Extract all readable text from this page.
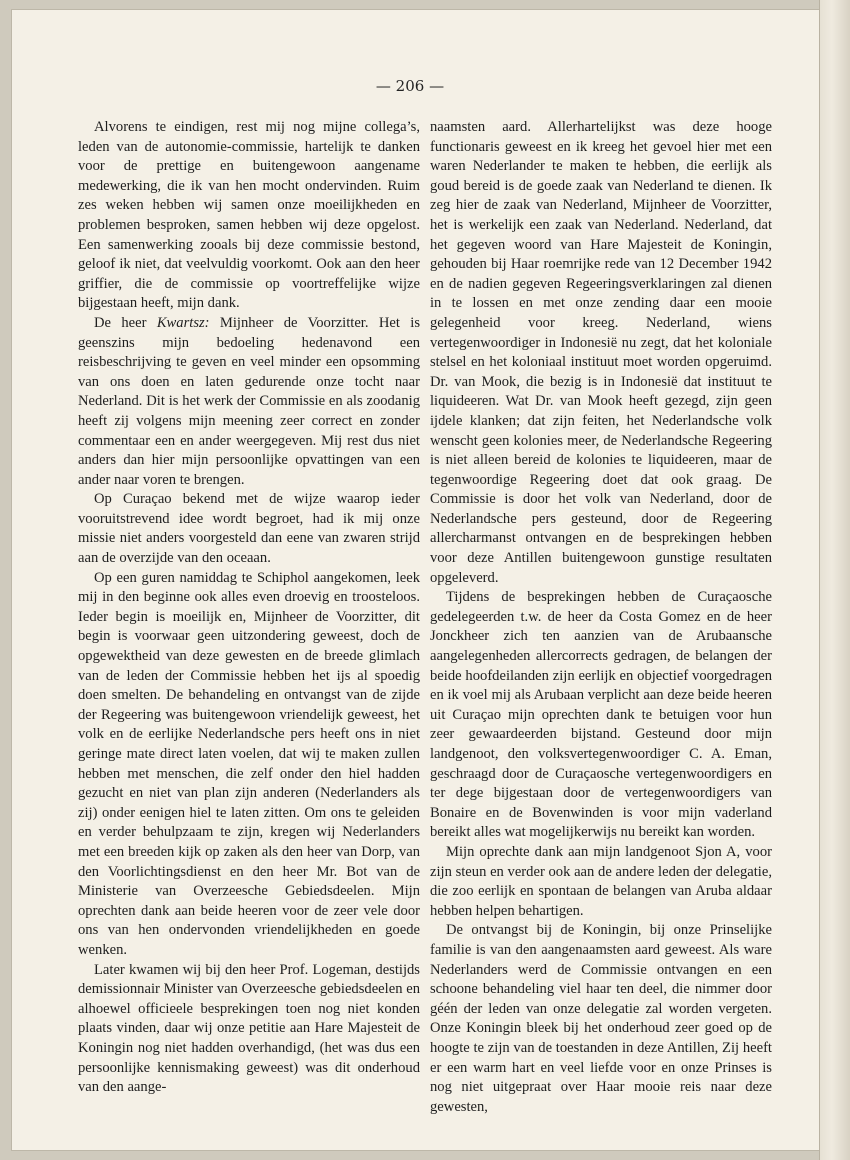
— 206 —

Alvorens te eindigen, rest mij nog mijne collega’s, leden van de autonomie-commissie, hartelijk te danken voor de prettige en buitengewoon aangename medewerking, die ik van hen mocht ondervinden. Ruim zes weken hebben wij samen onze moeilijkheden en problemen besproken, samen hebben wij deze opgelost. Een samenwerking zooals bij deze commissie bestond, geloof ik niet, dat veelvuldig voorkomt. Ook aan den heer griffier, die de commissie op voortreffelijke wijze bijgestaan heeft, mijn dank.

De heer Kwartsz: Mijnheer de Voorzitter. Het is geenszins mijn bedoeling hedenavond een reisbeschrijving te geven en veel minder een opsomming van ons doen en laten gedurende onze tocht naar Nederland. Dit is het werk der Commissie en als zoodanig heeft zij volgens mijn meening zeer correct en zonder commentaar een en ander weergegeven. Mij rest dus niet anders dan hier mijn persoonlijke opvattingen van een ander naar voren te brengen.

Op Curaçao bekend met de wijze waarop ieder vooruitstrevend idee wordt begroet, had ik mij onze missie niet anders voorgesteld dan eene van zwaren strijd aan de overzijde van den oceaan.

Op een guren namiddag te Schiphol aangekomen, leek mij in den beginne ook alles even droevig en troosteloos. Ieder begin is moeilijk en, Mijnheer de Voorzitter, dit begin is voorwaar geen uitzondering geweest, doch de opgewektheid van deze gewesten en de breede glimlach van de leden der Commissie hebben het ijs al spoedig doen smelten. De behandeling en ontvangst van de zijde der Regeering was buitengewoon vriendelijk geweest, het volk en de eerlijke Nederlandsche pers heeft ons in niet geringe mate direct laten voelen, dat wij te maken zullen hebben met menschen, die zelf onder den hiel hadden gezucht en niet van plan zijn anderen (Nederlanders als zij) onder eenigen hiel te laten zitten. Om ons te geleiden en verder behulpzaam te zijn, kregen wij Nederlanders met een breeden kijk op zaken als den heer van Dorp, van den Voorlichtingsdienst en den heer Mr. Bot van de Ministerie van Overzeesche Gebiedsdeelen. Mijn oprechten dank aan beide heeren voor de zeer vele door ons van hen ondervonden vriendelijkheden en goede wenken.

Later kwamen wij bij den heer Prof. Logeman, destijds demissionnair Minister van Overzeesche gebiedsdeelen en alhoewel officieele besprekingen toen nog niet konden plaats vinden, daar wij onze petitie aan Hare Majesteit de Koningin nog niet hadden overhandigd, (het was dus een persoonlijke kennismaking geweest) was dit onderhoud van den aange-

naamsten aard. Allerhartelijkst was deze hooge functionaris geweest en ik kreeg het gevoel hier met een waren Nederlander te maken te hebben, die eerlijk als goud bereid is de goede zaak van Nederland te dienen. Ik zeg hier de zaak van Nederland, Mijnheer de Voorzitter, het is werkelijk een zaak van Nederland. Nederland, dat het gegeven woord van Hare Majesteit de Koningin, gehouden bij Haar roemrijke rede van 12 December 1942 en de nadien gegeven Regeeringsverklaringen zal dienen in te lossen en met onze zending daar een mooie gelegenheid voor kreeg. Nederland, wiens vertegenwoordiger in Indonesië nu zegt, dat het koloniale stelsel en het koloniaal instituut moet worden opgeruimd. Dr. van Mook, die bezig is in Indonesië dat instituut te liquideeren. Wat Dr. van Mook heeft gezegd, zijn geen ijdele klanken; dat zijn feiten, het Nederlandsche volk wenscht geen kolonies meer, de Nederlandsche Regeering is niet alleen bereid de kolonies te liquideeren, maar de tegenwoordige Regeering doet dat ook graag. De Commissie is door het volk van Nederland, door de Nederlandsche pers gesteund, door de Regeering allercharmanst ontvangen en de besprekingen hebben voor deze Antillen buitengewoon gunstige resultaten opgeleverd.

Tijdens de besprekingen hebben de Curaçaosche gedelegeerden t.w. de heer da Costa Gomez en de heer Jonckheer zich ten aanzien van de Arubaansche aangelegenheden allercorrects gedragen, de belangen der beide hoofdeilanden zijn eerlijk en objectief voorgedragen en ik voel mij als Arubaan verplicht aan deze beide heeren uit Curaçao mijn oprechten dank te betuigen voor hun zeer gewaardeerden bijstand. Gesteund door mijn landgenoot, den volksvertegenwoordiger C. A. Eman, geschraagd door de Curaçaosche vertegenwoordigers en ter dege bijgestaan door de vertegenwoordigers van Bonaire en de Bovenwinden is voor mijn vaderland bereikt alles wat mogelijkerwijs nu bereikt kan worden.

Mijn oprechte dank aan mijn landgenoot Sjon A, voor zijn steun en verder ook aan de andere leden der delegatie, die zoo eerlijk en spontaan de belangen van Aruba aldaar hebben helpen behartigen.

De ontvangst bij de Koningin, bij onze Prinselijke familie is van den aangenaamsten aard geweest. Als ware Nederlanders werd de Commissie ontvangen en een schoone behandeling viel haar ten deel, die nimmer door géén der leden van onze delegatie zal worden vergeten. Onze Koningin bleek bij het onderhoud zeer goed op de hoogte te zijn van de toestanden in deze Antillen, Zij heeft er een warm hart en veel liefde voor en onze Prinses is nog niet uitgepraat over Haar mooie reis naar deze gewesten,
